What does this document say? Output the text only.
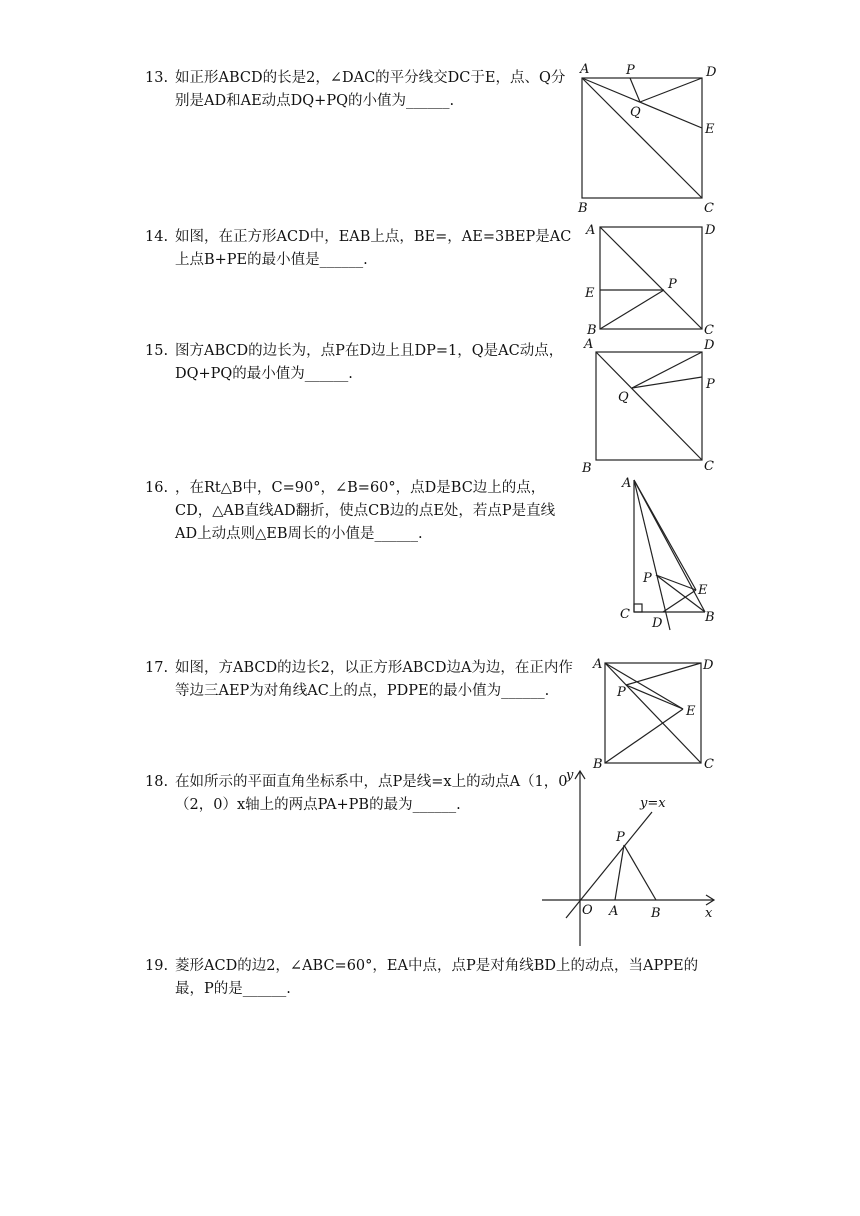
13. 如正形ABCD的长是2，∠DAC的平分线交DC于E，点、Q分别是AD和AE动点DQ+PQ的小值为______.
A	P	D
Q
E
B	C
14. 如图，在正方形ACD中，EAB上点，BE=，AE=3BEP是AC上点B+PE的最小值是______.
A	D
P
E
B	C
15. 图方ABCD的边长为，点P在D边上且DP=1，Q是AC动点，DQ+PQ的最小值为______.
A	D
P
Q
B	C
16. ，在Rt△B中，C=90°，∠B=60°，点D是BC边上的点，CD，△AB直线AD翻折，使点CB边的点E处，若点P是直线AD上动点则△EB周长的小值是______.
A
P
E
C
D	B
17. 如图，方ABCD的边长2，以正方形ABCD边A为边，在正内作等边三AEP为对角线AC上的点，PDPE的最小值为______.
A	D
P
E
B	C
18. 在如所示的平面直角坐标系中，点P是线=x上的动点A（1，0（2，0）x轴上的两点PA+PB的最为______.
y
y=x
P
O A	B	x
19. 菱形ACD的边2，∠ABC=60°，EA中点，点P是对角线BD上的动点，当APPE的最，P的是______.
